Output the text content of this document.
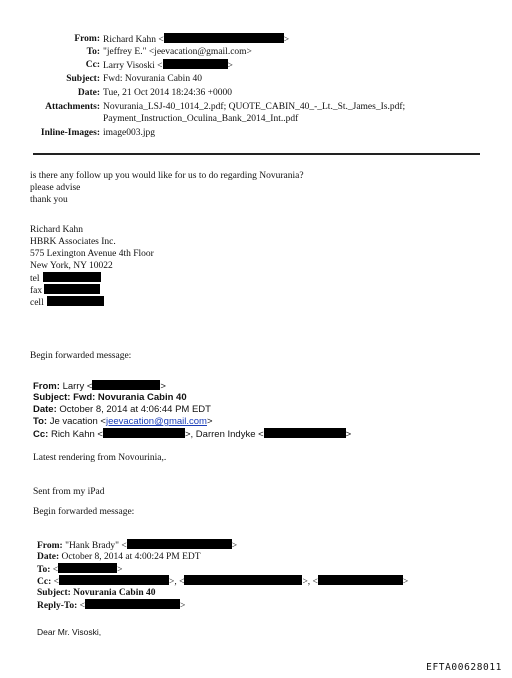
From: Richard Kahn <	>
To: "jeffrey E." <jeevacation@gmail.com>
Cc: Larry Visoski <	>
Subject: Fwd: Novurania Cabin 40
Date: Tue, 21 Oct 2014 18:24:36 +0000
Attachments: Novurania_LSJ-40_1014_2.pdf; QUOTE_CABIN_40_-_Lt._St._James_Is.pdf;
Payment_Instruction_Oculina_Bank_2014_Int..pdf
Inline-Images: image003.jpg
is there any follow up you would like for us to do regarding Novurania?
please advise
thank you
Richard Kahn
HBRK Associates Inc.
575 Lexington Avenue 4th Floor
New York, NY 10022
tel
fax
cell
Begin forwarded message:
From: Larry <	>
Subject: Fwd: Novurania Cabin 40
Date: October 8, 2014 at 4:06:44 PM EDT
To: Je vacation <jeevacation@gmail.com>
Cc: Rich Kahn <	>, Darren Indyke <	>
Latest rendering from Novourinia,.
Sent from my iPad
Begin forwarded message:
From: "Hank Brady" <	>
Date: October 8, 2014 at 4:00:24 PM EDT
To: <	>
Cc: <	>, <	>, <	>
Subject: Novurania Cabin 40
Reply-To: <	>
Dear Mr. Visoski,
EFTA00628011
